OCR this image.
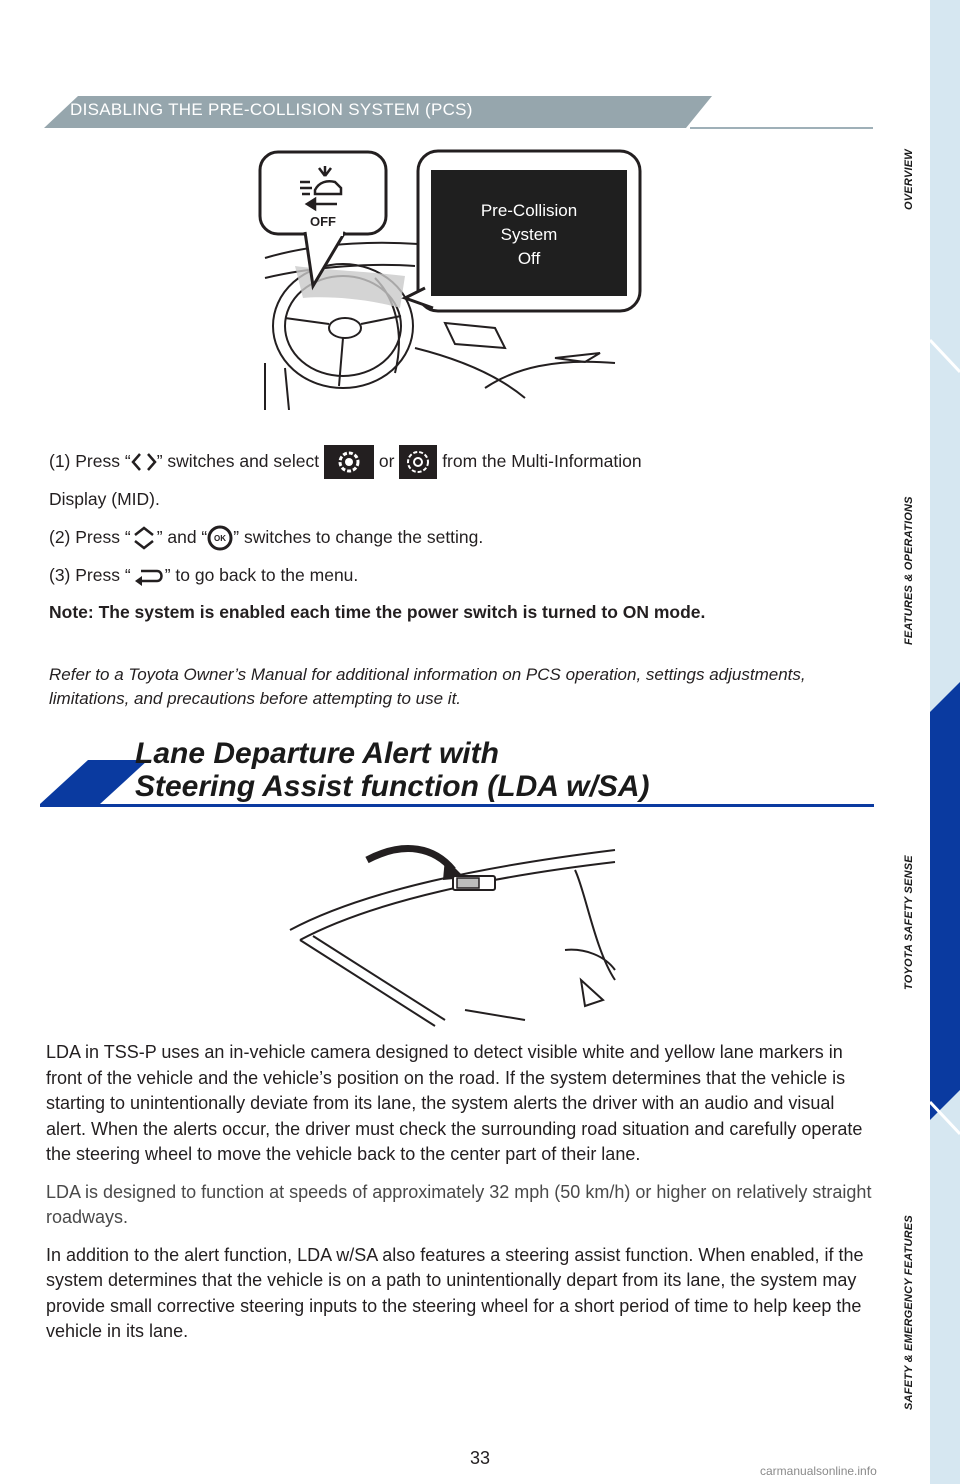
OVERVIEW
FEATURES & OPERATIONS
TOYOTA SAFETY SENSE
SAFETY & EMERGENCY FEATURES
DISABLING THE PRE-COLLISION SYSTEM (PCS)
OFF
Pre-Collision
System
Off

(1) Press “ ” switches and select	or	from the Multi-Information

Display (MID).

(2) Press “ ” and “ OK ” switches to change the setting.

(3) Press “ ” to go back to the menu.

Note: The system is enabled each time the power switch is turned to ON mode.
Refer to a Toyota Owner’s Manual for additional information on PCS operation, settings adjustments, limitations, and precautions before attempting to use it.
Lane Departure Alert with
Steering Assist function (LDA w/SA)

LDA in TSS-P uses an in-vehicle camera designed to detect visible white and yellow lane markers in front of the vehicle and the vehicle’s position on the road. If the system determines that the vehicle is starting to unintentionally deviate from its lane, the system alerts the driver with an audio and visual alert. When the alerts occur, the driver must check the surrounding road situation and carefully operate the steering wheel to move the vehicle back to the center part of their lane.

LDA is designed to function at speeds of approximately 32 mph (50 km/h) or higher on relatively straight roadways.

In addition to the alert function, LDA w/SA also features a steering assist function. When enabled, if the system determines that the vehicle is on a path to unintentionally depart from its lane, the system may provide small corrective steering inputs to the steering wheel for a short period of time to help keep the vehicle in its lane.

33
carmanualsonline.info
